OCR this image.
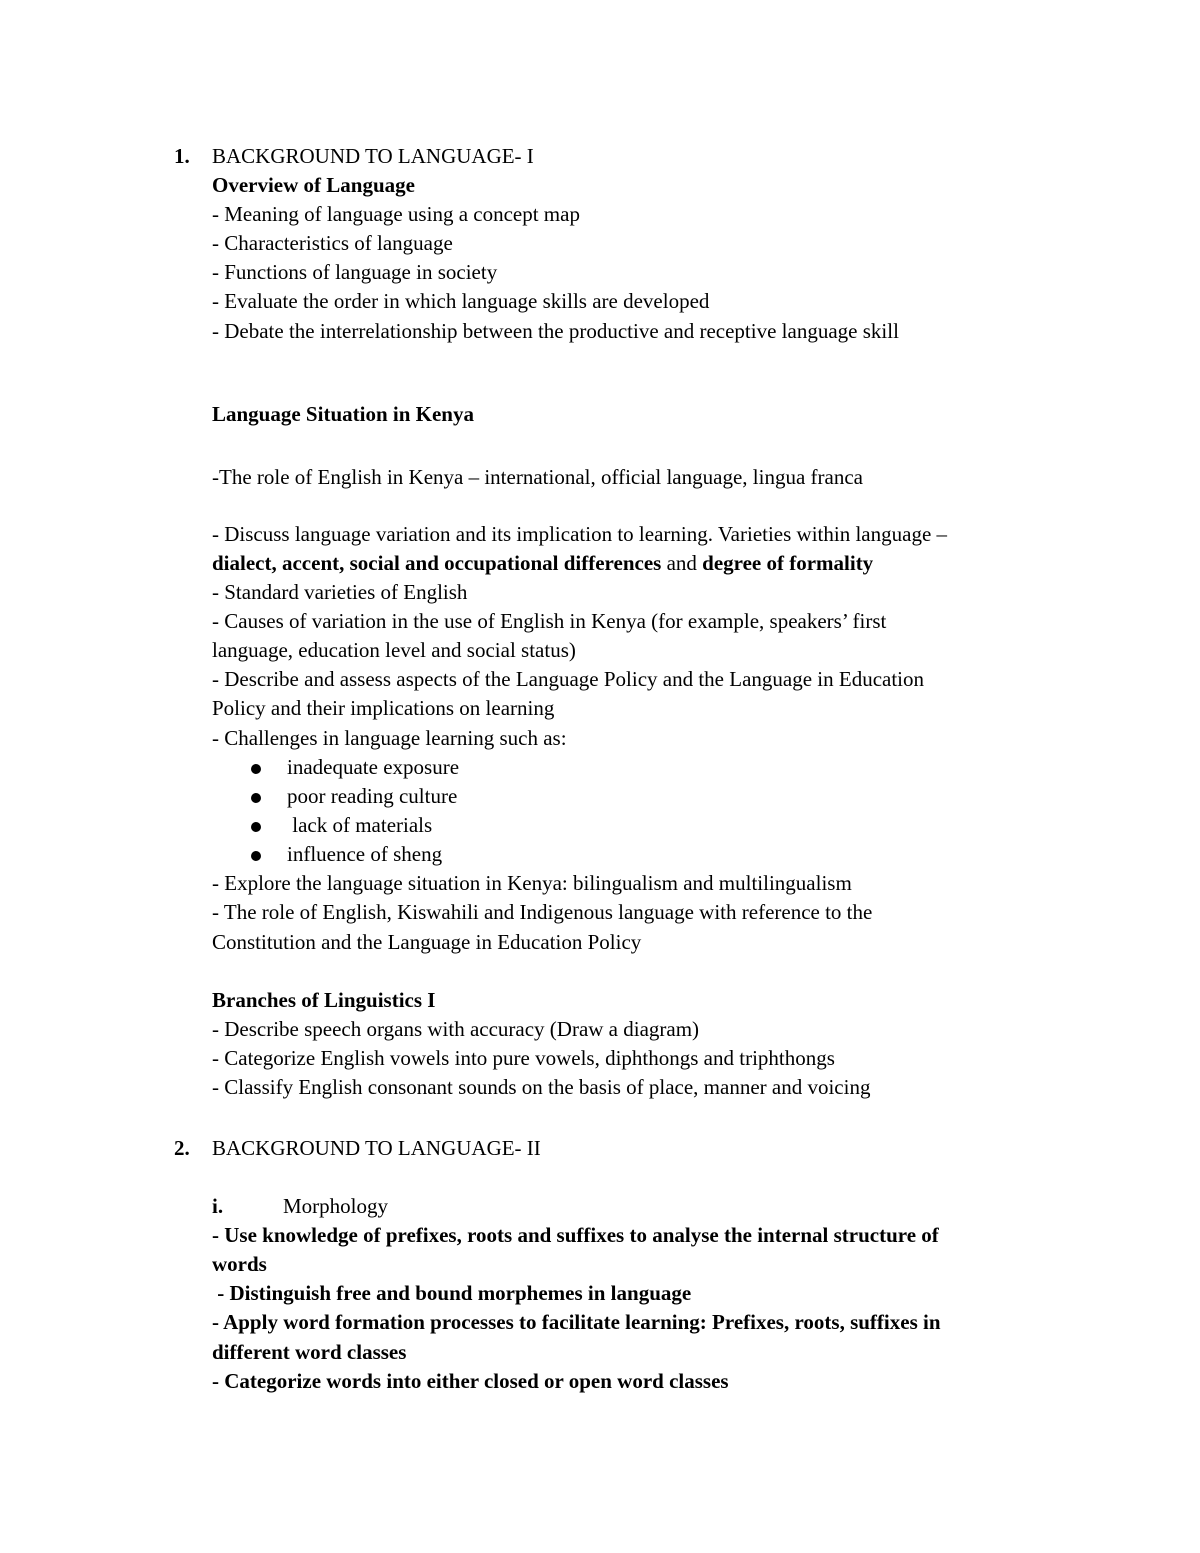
1. BACKGROUND TO LANGUAGE- I
Overview of Language
- Meaning of language using a concept map
- Characteristics of language
- Functions of language in society
- Evaluate the order in which language skills are developed
- Debate the interrelationship between the productive and receptive language skill
Language Situation in Kenya
-The role of English in Kenya – international, official language, lingua franca
- Discuss language variation and its implication to learning. Varieties within language –
dialect, accent, social and occupational differences and degree of formality
- Standard varieties of English
- Causes of variation in the use of English in Kenya (for example, speakers’ first
language, education level and social status)
- Describe and assess aspects of the Language Policy and the Language in Education
Policy and their implications on learning
- Challenges in language learning such as:
inadequate exposure
poor reading culture
lack of materials
influence of sheng
- Explore the language situation in Kenya: bilingualism and multilingualism
- The role of English, Kiswahili and Indigenous language with reference to the
Constitution and the Language in Education Policy
Branches of Linguistics I
- Describe speech organs with accuracy (Draw a diagram)
- Categorize English vowels into pure vowels, diphthongs and triphthongs
- Classify English consonant sounds on the basis of place, manner and voicing
2. BACKGROUND TO LANGUAGE- II
i.	Morphology
- Use knowledge of prefixes, roots and suffixes to analyse the internal structure of
words
- Distinguish free and bound morphemes in language
- Apply word formation processes to facilitate learning: Prefixes, roots, suffixes in
different word classes
- Categorize words into either closed or open word classes
